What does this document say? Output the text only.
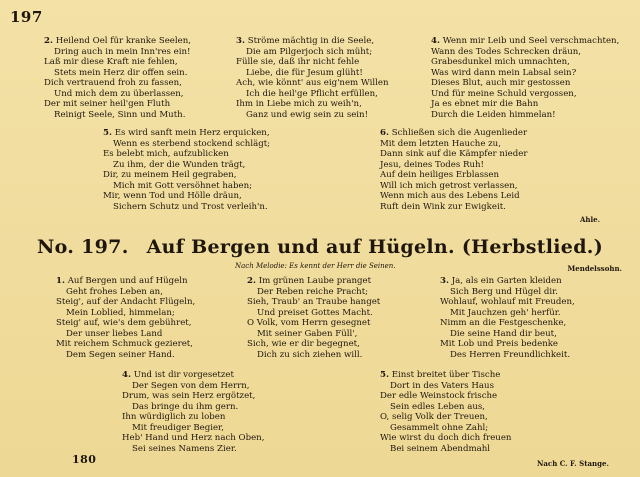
197
2. Heilend Oel für kranke Seelen,
Dring auch in mein Inn'res ein!
Laß mir diese Kraft nie fehlen,
Stets mein Herz dir offen sein.
Dich vertrauend froh zu fassen,
Und mich dem zu überlassen,
Der mit seiner heil'gen Fluth
Reinigt Seele, Sinn und Muth.
3. Ströme mächtig in die Seele,
Die am Pilgerjoch sich müht;
Fülle sie, daß ihr nicht fehle
Liebe, die für Jesum glüht!
Ach, wie könnt' aus eig'nem Willen
Ich die heil'ge Pflicht erfüllen,
Ihm in Liebe mich zu weih'n,
Ganz und ewig sein zu sein!
4. Wenn mir Leib und Seel verschmachten,
Wann des Todes Schrecken dräun,
Grabesdunkel mich umnachten,
Was wird dann mein Labsal sein?
Dieses Blut, auch mir gestossen
Und für meine Schuld vergossen,
Ja es ebnet mir die Bahn
Durch die Leiden himmelan!
5. Es wird sanft mein Herz erquicken,
Wenn es sterbend stockend schlägt;
Es belebt mich, aufzublicken
Zu ihm, der die Wunden trägt,
Dir, zu meinem Heil gegraben,
Mich mit Gott versöhnet haben;
Mir, wenn Tod und Hölle dräun,
Sichern Schutz und Trost verleih'n.
6. Schließen sich die Augenlieder
Mit dem letzten Hauche zu,
Dann sink auf die Kämpfer nieder
Jesu, deines Todes Ruh!
Auf dein heiliges Erblassen
Will ich mich getrost verlassen,
Wenn mich aus des Lebens Leid
Ruft dein Wink zur Ewigkeit.
Ahle.
No. 197. Auf Bergen und auf Hügeln. (Herbstlied.)
Nach Melodie: Es kennt der Herr die Seinen.	Mendelssohn.
1. Auf Bergen und auf Hügeln
Geht frohes Leben an,
Steig', auf der Andacht Flügeln,
Mein Loblied, himmelan;
Steig' auf, wie's dem gebühret,
Der unser liebes Land
Mit reichem Schmuck gezieret,
Dem Segen seiner Hand.
2. Im grünen Laube pranget
Der Reben reiche Pracht;
Sieh, Traub' an Traube hanget
Und preiset Gottes Macht.
O Volk, vom Herrn gesegnet
Mit seiner Gaben Füll',
Sich, wie er dir begegnet,
Dich zu sich ziehen will.
3. Ja, als ein Garten kleiden
Sich Berg und Hügel dir.
Wohlauf, wohlauf mit Freuden,
Mit Jauchzen geh' herfür.
Nimm an die Festgeschenke,
Die seine Hand dir beut,
Mit Lob und Preis bedenke
Des Herren Freundlichkeit.
4. Und ist dir vorgesetzet
Der Segen von dem Herrn,
Drum, was sein Herz ergötzet,
Das bringe du ihm gern.
Ihn würdiglich zu loben
Mit freudiger Begier,
Heb' Hand und Herz nach Oben,
Sei seines Namens Zier.
5. Einst breitet über Tische
Dort in des Vaters Haus
Der edle Weinstock frische
Sein edles Leben aus,
O, selig Volk der Treuen,
Gesammelt ohne Zahl;
Wie wirst du doch dich freuen
Bei seinem Abendmahl
Nach C. F. Stange.
180
